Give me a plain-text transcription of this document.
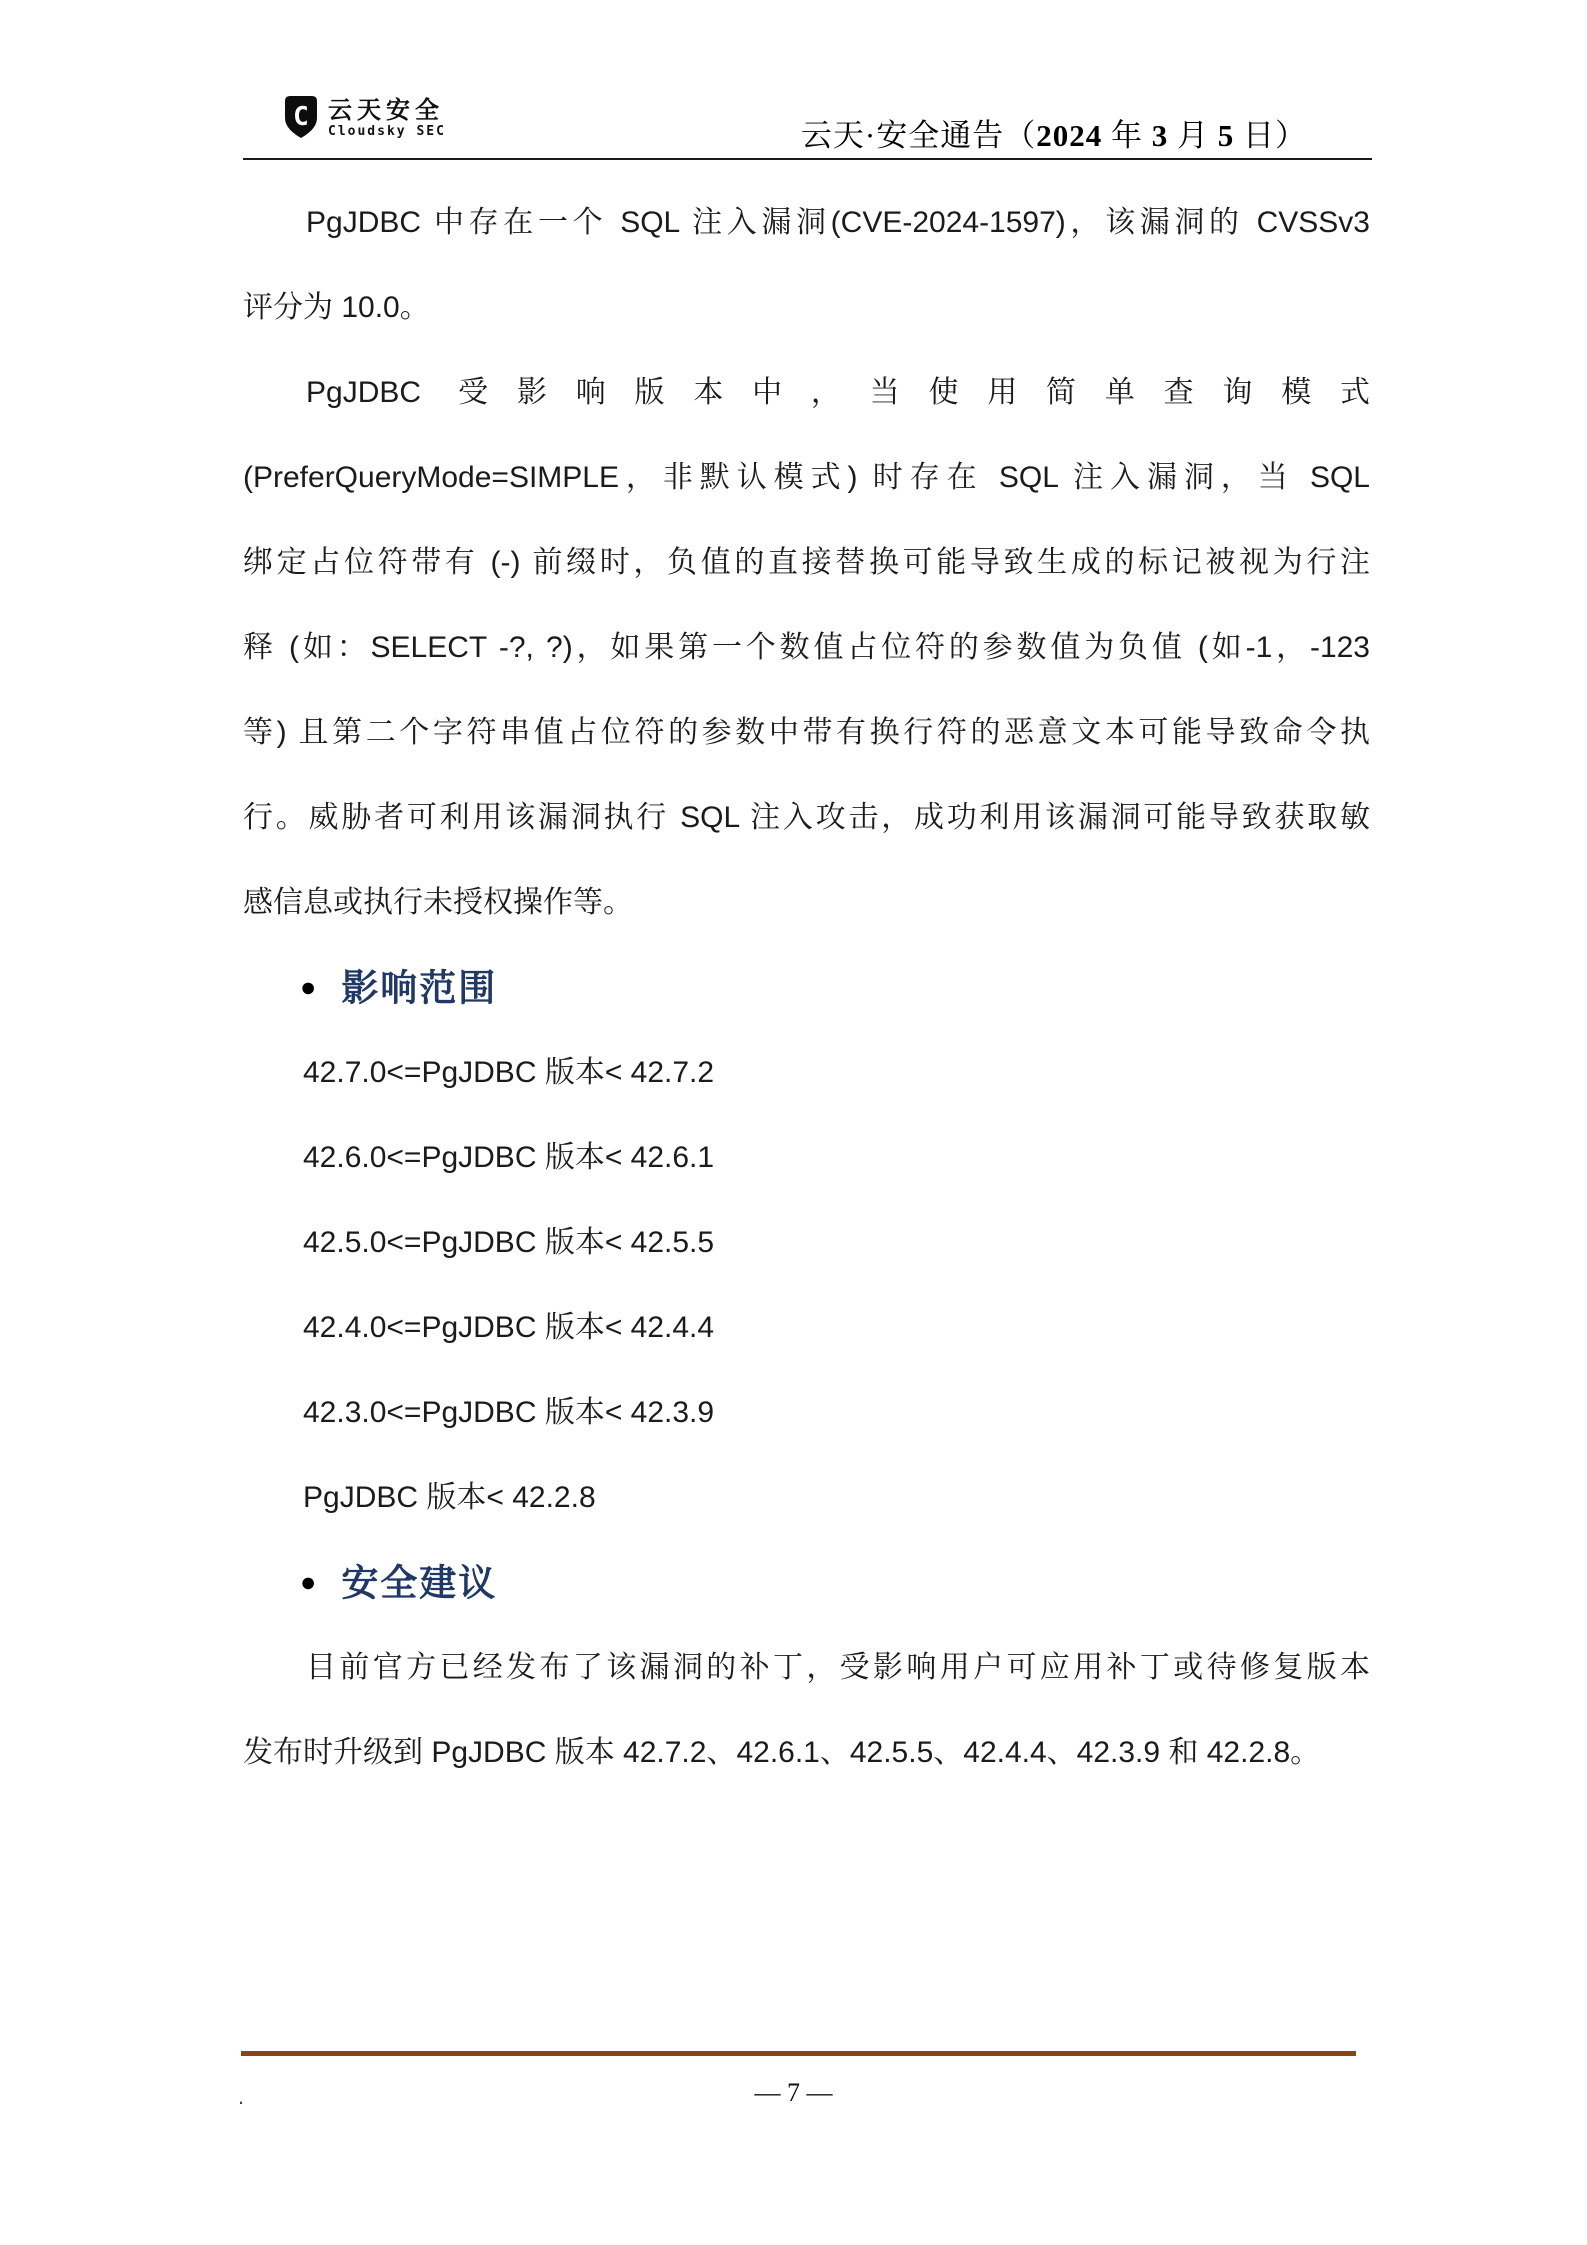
C 云天安全
Cloudsky SEC	云天·安全通告（2024 年 3 月 5 日）
PgJDBC 中存在一个 SQL 注入漏洞(CVE-2024-1597)，该漏洞的 CVSSv3
评分为 10.0。
PgJDBC 受影响版本中，当使用简单查询模式
(PreferQueryMode=SIMPLE，非默认模式) 时存在 SQL 注入漏洞，当 SQL
绑定占位符带有 (-) 前缀时，负值的直接替换可能导致生成的标记被视为行注
释 (如：SELECT -?, ?)，如果第一个数值占位符的参数值为负值 (如-1，-123
等) 且第二个字符串值占位符的参数中带有换行符的恶意文本可能导致命令执
行。威胁者可利用该漏洞执行 SQL 注入攻击，成功利用该漏洞可能导致获取敏
感信息或执行未授权操作等。
● 影响范围
42.7.0<=PgJDBC 版本< 42.7.2
42.6.0<=PgJDBC 版本< 42.6.1
42.5.0<=PgJDBC 版本< 42.5.5
42.4.0<=PgJDBC 版本< 42.4.4
42.3.0<=PgJDBC 版本< 42.3.9
PgJDBC 版本< 42.2.8
● 安全建议
目前官方已经发布了该漏洞的补丁，受影响用户可应用补丁或待修复版本
发布时升级到 PgJDBC 版本 42.7.2、42.6.1、42.5.5、42.4.4、42.3.9 和 42.2.8。
.	— 7 —
